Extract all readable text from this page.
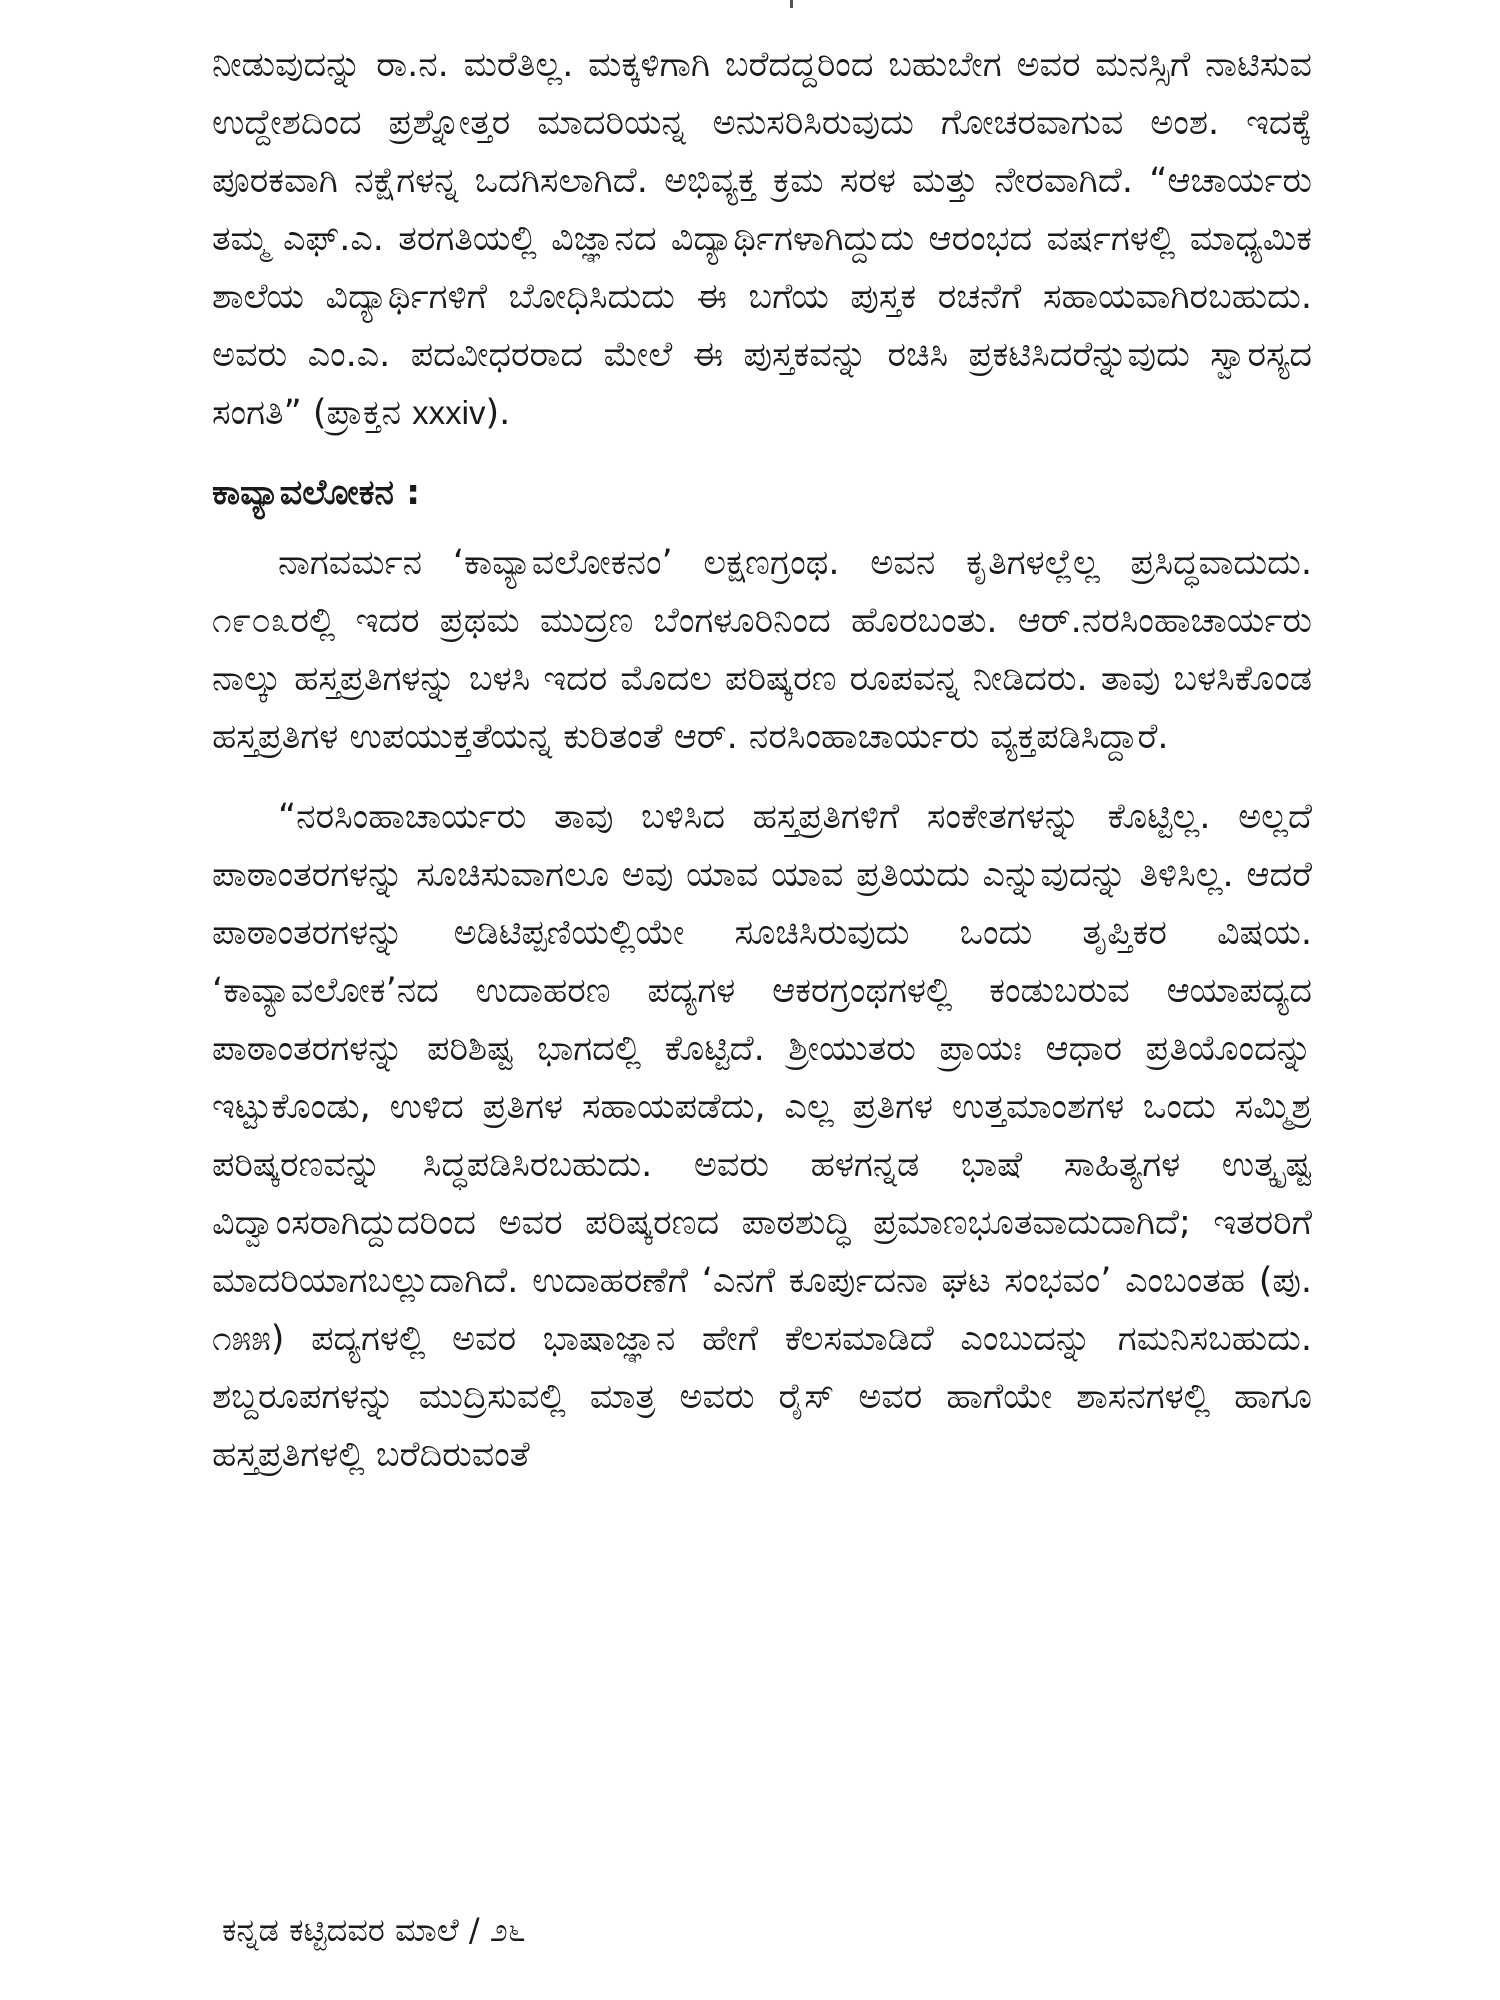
ನೀಡುವುದನ್ನು ರಾ.ನ. ಮರೆತಿಲ್ಲ. ಮಕ್ಕಳಿಗಾಗಿ ಬರೆದದ್ದರಿಂದ ಬಹುಬೇಗ ಅವರ ಮನಸ್ಸಿಗೆ ನಾಟಿಸುವ ಉದ್ದೇಶದಿಂದ ಪ್ರಶ್ನೋತ್ತರ ಮಾದರಿಯನ್ನ ಅನುಸರಿಸಿರುವುದು ಗೋಚರವಾಗುವ ಅಂಶ. ಇದಕ್ಕೆ ಪೂರಕವಾಗಿ ನಕ್ಷೆಗಳನ್ನ ಒದಗಿಸಲಾಗಿದೆ. ಅಭಿವ್ಯಕ್ತ ಕ್ರಮ ಸರಳ ಮತ್ತು ನೇರವಾಗಿದೆ. “ಆಚಾರ್ಯರು ತಮ್ಮ ಎಫ್.ಎ. ತರಗತಿಯಲ್ಲಿ ವಿಜ್ಞಾನದ ವಿದ್ಯಾರ್ಥಿಗಳಾಗಿದ್ದುದು ಆರಂಭದ ವರ್ಷಗಳಲ್ಲಿ ಮಾಧ್ಯಮಿಕ ಶಾಲೆಯ ವಿದ್ಯಾರ್ಥಿಗಳಿಗೆ ಬೋಧಿಸಿದುದು ಈ ಬಗೆಯ ಪುಸ್ತಕ ರಚನೆಗೆ ಸಹಾಯವಾಗಿರಬಹುದು. ಅವರು ಎಂ.ಎ. ಪದವೀಧರರಾದ ಮೇಲೆ ಈ ಪುಸ್ತಕವನ್ನು ರಚಿಸಿ ಪ್ರಕಟಿಸಿದರೆನ್ನುವುದು ಸ್ವಾರಸ್ಯದ ಸಂಗತಿ” (ಪ್ರಾಕ್ತನ xxxiv).

ಕಾವ್ಯಾವಲೋಕನ :

ನಾಗವರ್ಮನ ‘ಕಾವ್ಯಾವಲೋಕನಂ’ ಲಕ್ಷಣಗ್ರಂಥ. ಅವನ ಕೃತಿಗಳಲ್ಲೆಲ್ಲ ಪ್ರಸಿದ್ಧವಾದುದು. ೧೯೦೩ರಲ್ಲಿ ಇದರ ಪ್ರಥಮ ಮುದ್ರಣ ಬೆಂಗಳೂರಿನಿಂದ ಹೊರಬಂತು. ಆರ್.ನರಸಿಂಹಾಚಾರ್ಯರು ನಾಲ್ಕು ಹಸ್ತಪ್ರತಿಗಳನ್ನು ಬಳಸಿ ಇದರ ಮೊದಲ ಪರಿಷ್ಕರಣ ರೂಪವನ್ನ ನೀಡಿದರು. ತಾವು ಬಳಸಿಕೊಂಡ ಹಸ್ತಪ್ರತಿಗಳ ಉಪಯುಕ್ತತೆಯನ್ನ ಕುರಿತಂತೆ ಆರ್. ನರಸಿಂಹಾಚಾರ್ಯರು ವ್ಯಕ್ತಪಡಿಸಿದ್ದಾರೆ.

“ನರಸಿಂಹಾಚಾರ್ಯರು ತಾವು ಬಳಿಸಿದ ಹಸ್ತಪ್ರತಿಗಳಿಗೆ ಸಂಕೇತಗಳನ್ನು ಕೊಟ್ಟಿಲ್ಲ. ಅಲ್ಲದೆ ಪಾಠಾಂತರಗಳನ್ನು ಸೂಚಿಸುವಾಗಲೂ ಅವು ಯಾವ ಯಾವ ಪ್ರತಿಯದು ಎನ್ನುವುದನ್ನು ತಿಳಿಸಿಲ್ಲ. ಆದರೆ ಪಾಠಾಂತರಗಳನ್ನು ಅಡಿಟಿಪ್ಪಣಿಯಲ್ಲಿಯೇ ಸೂಚಿಸಿರುವುದು ಒಂದು ತೃಪ್ತಿಕರ ವಿಷಯ. ‘ಕಾವ್ಯಾವಲೋಕ’ನದ ಉದಾಹರಣ ಪದ್ಯಗಳ ಆಕರಗ್ರಂಥಗಳಲ್ಲಿ ಕಂಡುಬರುವ ಆಯಾಪದ್ಯದ ಪಾಠಾಂತರಗಳನ್ನು ಪರಿಶಿಷ್ಟ ಭಾಗದಲ್ಲಿ ಕೊಟ್ಟಿದೆ. ಶ್ರೀಯುತರು ಪ್ರಾಯಃ ಆಧಾರ ಪ್ರತಿಯೊಂದನ್ನು ಇಟ್ಟುಕೊಂಡು, ಉಳಿದ ಪ್ರತಿಗಳ ಸಹಾಯಪಡೆದು, ಎಲ್ಲ ಪ್ರತಿಗಳ ಉತ್ತಮಾಂಶಗಳ ಒಂದು ಸಮ್ಮಿಶ್ರ ಪರಿಷ್ಕರಣವನ್ನು ಸಿದ್ಧಪಡಿಸಿರಬಹುದು. ಅವರು ಹಳಗನ್ನಡ ಭಾಷೆ ಸಾಹಿತ್ಯಗಳ ಉತ್ಕೃಷ್ಟ ವಿದ್ವಾಂಸರಾಗಿದ್ದುದರಿಂದ ಅವರ ಪರಿಷ್ಕರಣದ ಪಾಠಶುದ್ಧಿ ಪ್ರಮಾಣಭೂತವಾದುದಾಗಿದೆ; ಇತರರಿಗೆ ಮಾದರಿಯಾಗಬಲ್ಲುದಾಗಿದೆ. ಉದಾಹರಣೆಗೆ ‘ಎನಗೆ ಕೂರ್ಪುದನಾ ಘಟ ಸಂಭವಂ’ ಎಂಬಂತಹ (ಪು. ೧೫೫) ಪದ್ಯಗಳಲ್ಲಿ ಅವರ ಭಾಷಾಜ್ಞಾನ ಹೇಗೆ ಕೆಲಸಮಾಡಿದೆ ಎಂಬುದನ್ನು ಗಮನಿಸಬಹುದು. ಶಬ್ದರೂಪಗಳನ್ನು ಮುದ್ರಿಸುವಲ್ಲಿ ಮಾತ್ರ ಅವರು ರೈಸ್ ಅವರ ಹಾಗೆಯೇ ಶಾಸನಗಳಲ್ಲಿ ಹಾಗೂ ಹಸ್ತಪ್ರತಿಗಳಲ್ಲಿ ಬರೆದಿರುವಂತೆ

ಕನ್ನಡ ಕಟ್ಟಿದವರ ಮಾಲೆ / ೨೬
